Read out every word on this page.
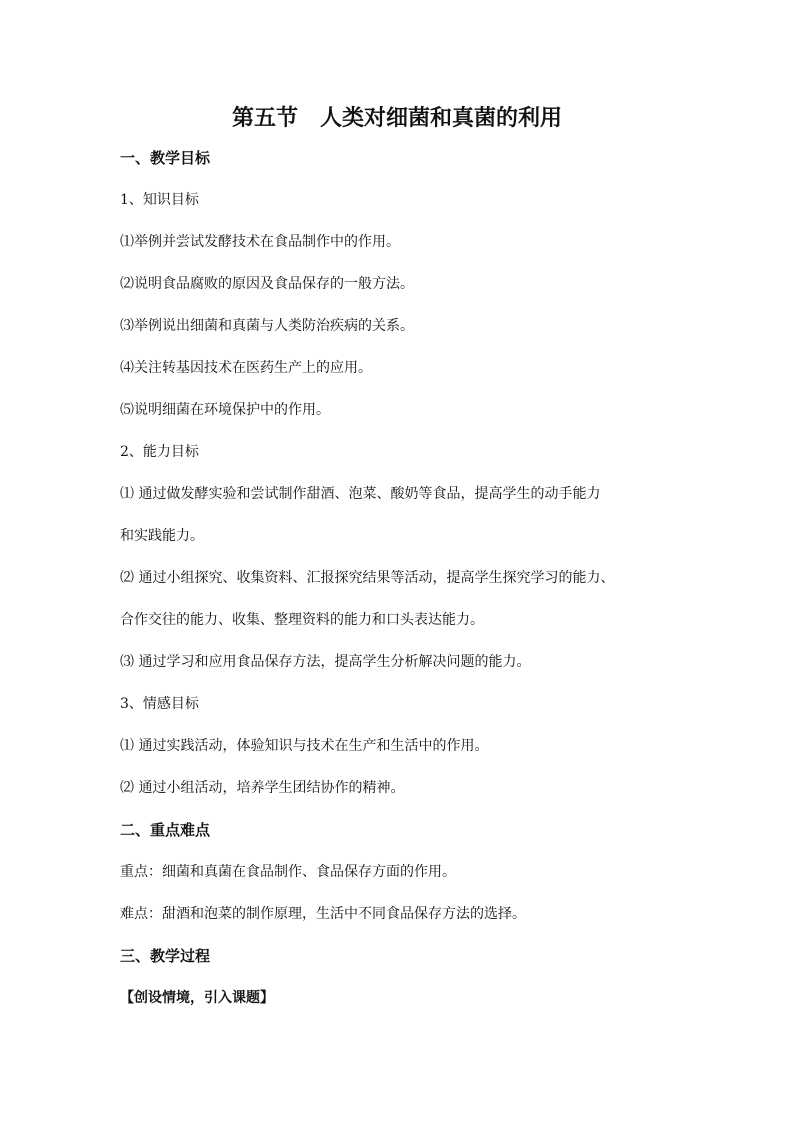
第五节　人类对细菌和真菌的利用
一、教学目标
1、知识目标
⑴举例并尝试发酵技术在食品制作中的作用。
⑵说明食品腐败的原因及食品保存的一般方法。
⑶举例说出细菌和真菌与人类防治疾病的关系。
⑷关注转基因技术在医药生产上的应用。
⑸说明细菌在环境保护中的作用。
2、能力目标
⑴ 通过做发酵实验和尝试制作甜酒、泡菜、酸奶等食品，提高学生的动手能力
和实践能力。
⑵ 通过小组探究、收集资料、汇报探究结果等活动，提高学生探究学习的能力、
合作交往的能力、收集、整理资料的能力和口头表达能力。
⑶ 通过学习和应用食品保存方法，提高学生分析解决问题的能力。
3、情感目标
⑴ 通过实践活动，体验知识与技术在生产和生活中的作用。
⑵ 通过小组活动，培养学生团结协作的精神。
二、重点难点
重点：细菌和真菌在食品制作、食品保存方面的作用。
难点：甜酒和泡菜的制作原理，生活中不同食品保存方法的选择。
三、教学过程
【创设情境，引入课题】
